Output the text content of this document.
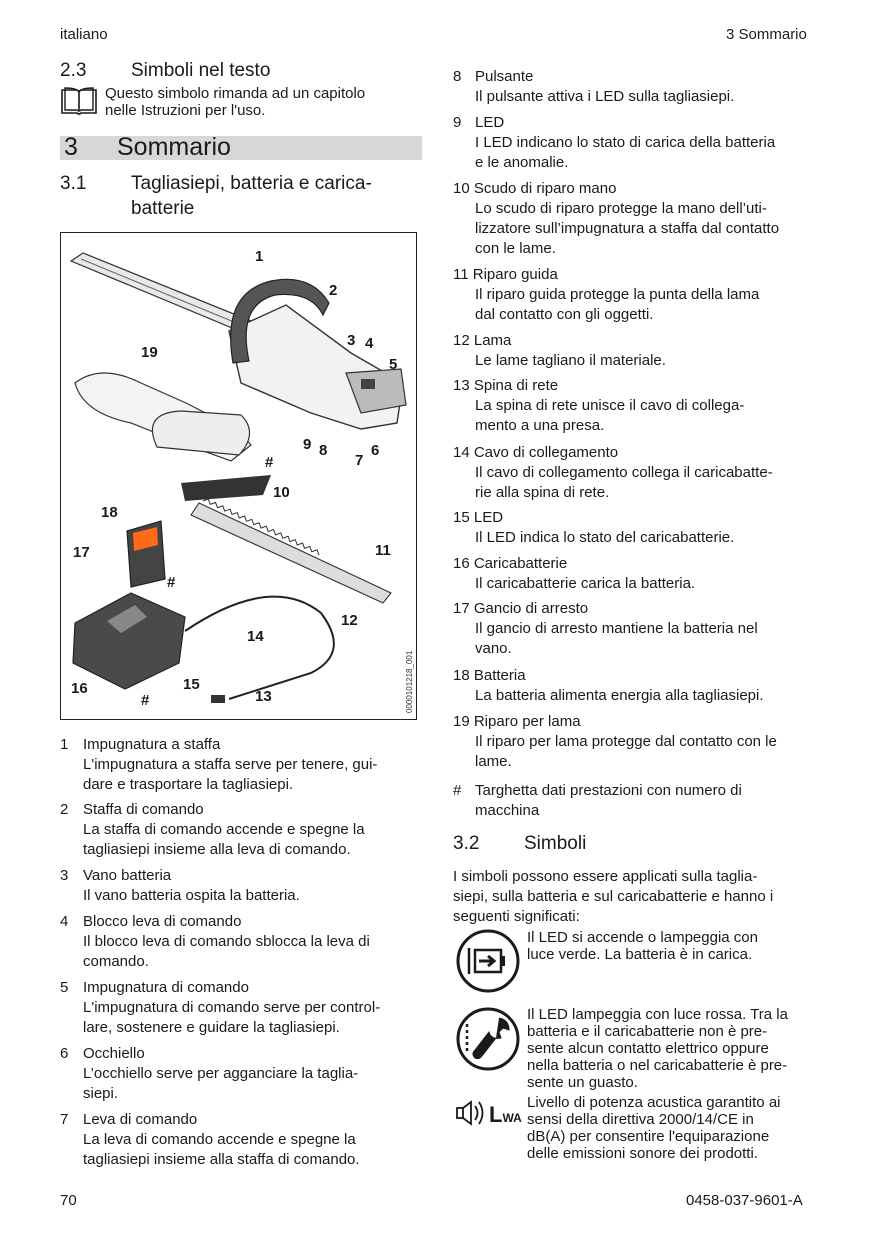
italiano	3 Sommario
2.3 Simboli nel testo
Questo simbolo rimanda ad un capitolo
nelle Istruzioni per l'uso.
3 Sommario
3.1 Tagliasiepi, batteria e carica-
batterie
1
2
3 4
5
19
9 8
7
6
#
10
18
17	11
#
12
14
16	15
#	13	0000101218_001
1 Impugnatura a staffa
L'impugnatura a staffa serve per tenere, gui-
dare e trasportare la tagliasiepi.
2 Staffa di comando
La staffa di comando accende e spegne la
tagliasiepi insieme alla leva di comando.
3 Vano batteria
Il vano batteria ospita la batteria.
4 Blocco leva di comando
Il blocco leva di comando sblocca la leva di
comando.
5 Impugnatura di comando
L'impugnatura di comando serve per control-
lare, sostenere e guidare la tagliasiepi.
6 Occhiello
L’occhiello serve per agganciare la taglia-
siepi.
7 Leva di comando
La leva di comando accende e spegne la
tagliasiepi insieme alla staffa di comando.
8 Pulsante
Il pulsante attiva i LED sulla tagliasiepi.
9 LED
I LED indicano lo stato di carica della batteria
e le anomalie.
10 Scudo di riparo mano
Lo scudo di riparo protegge la mano dell’uti-
lizzatore sull’impugnatura a staffa dal contatto
con le lame.
11 Riparo guida
Il riparo guida protegge la punta della lama
dal contatto con gli oggetti.
12 Lama
Le lame tagliano il materiale.
13 Spina di rete
La spina di rete unisce il cavo di collega-
mento a una presa.
14 Cavo di collegamento
Il cavo di collegamento collega il caricabatte-
rie alla spina di rete.
15 LED
Il LED indica lo stato del caricabatterie.
16 Caricabatterie
Il caricabatterie carica la batteria.
17 Gancio di arresto
Il gancio di arresto mantiene la batteria nel
vano.
18 Batteria
La batteria alimenta energia alla tagliasiepi.
19 Riparo per lama
Il riparo per lama protegge dal contatto con le
lame.
# Targhetta dati prestazioni con numero di
macchina
3.2 Simboli
I simboli possono essere applicati sulla taglia-
siepi, sulla batteria e sul caricabatterie e hanno i
seguenti significati:
Il LED si accende o lampeggia con
luce verde. La batteria è in carica.
Il LED lampeggia con luce rossa. Tra la
batteria e il caricabatterie non è pre-
sente alcun contatto elettrico oppure
nella batteria o nel caricabatterie è pre-
sente un guasto.
LWA
Livello di potenza acustica garantito ai
sensi della direttiva 2000/14/CE in
dB(A) per consentire l'equiparazione
delle emissioni sonore dei prodotti.
70	0458-037-9601-A
